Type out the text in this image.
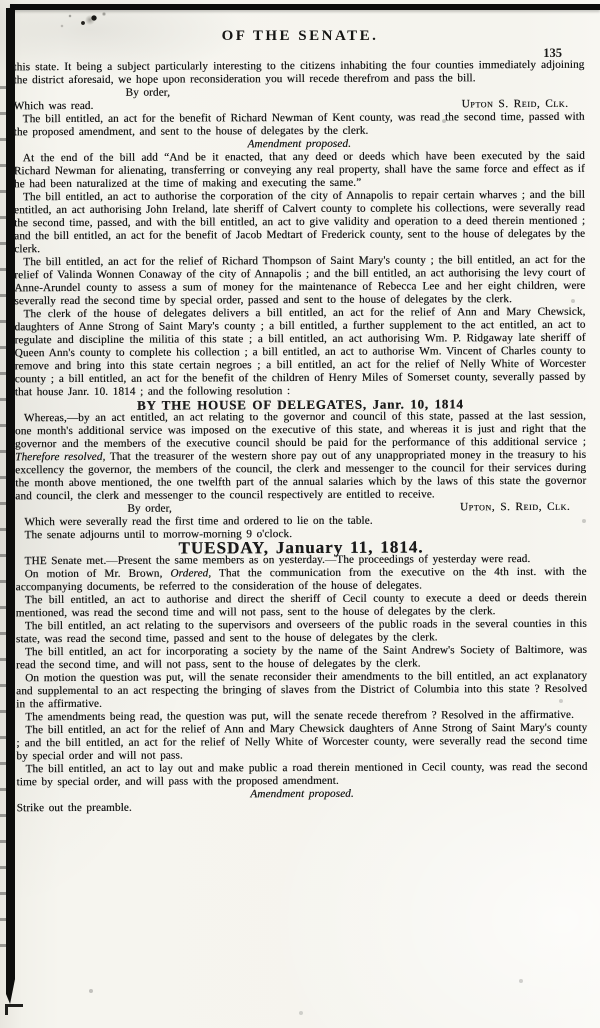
OF THE SENATE.
135

this state. It being a subject particularly interesting to the citizens inhabiting the four counties immediately adjoining the district aforesaid, we hope upon reconsideration you will recede therefrom and pass the bill.

By order,
Which was read.	Upton S. Reid, Clk.

The bill entitled, an act for the benefit of Richard Newman of Kent county, was read the second time, passed with the proposed amendment, and sent to the house of delegates by the clerk.

Amendment proposed.

At the end of the bill add “And be it enacted, that any deed or deeds which have been executed by the said Richard Newman for alienating, transferring or conveying any real property, shall have the same force and effect as if he had been naturalized at the time of making and executing the same.”

The bill entitled, an act to authorise the corporation of the city of Annapolis to repair certain wharves ; and the bill entitled, an act authorising John Ireland, late sheriff of Calvert county to complete his collections, were severally read the second time, passed, and with the bill entitled, an act to give validity and operation to a deed therein mentioned ; and the bill entitled, an act for the benefit of Jacob Medtart of Frederick county, sent to the house of delegates by the clerk.

The bill entitled, an act for the relief of Richard Thompson of Saint Mary's county ; the bill entitled, an act for the relief of Valinda Wonnen Conaway of the city of Annapolis ; and the bill entitled, an act authorising the levy court of Anne-Arundel county to assess a sum of money for the maintenance of Rebecca Lee and her eight children, were severally read the second time by special order, passed and sent to the house of delegates by the clerk.

The clerk of the house of delegates delivers a bill entitled, an act for the relief of Ann and Mary Chewsick, daughters of Anne Strong of Saint Mary's county ; a bill entitled, a further supplement to the act entitled, an act to regulate and discipline the militia of this state ; a bill entitled, an act authorising Wm. P. Ridgaway late sheriff of Queen Ann's county to complete his collection ; a bill entitled, an act to authorise Wm. Vincent of Charles county to remove and bring into this state certain negroes ; a bill entitled, an act for the relief of Nelly White of Worcester county ; a bill entitled, an act for the benefit of the children of Henry Miles of Somerset county, severally passed by that house Janr. 10. 1814 ; and the following resolution :

BY THE HOUSE OF DELEGATES, Janr. 10, 1814

Whereas,—by an act entitled, an act relating to the governor and council of this state, passed at the last session, one month's additional service was imposed on the executive of this state, and whereas it is just and right that the governor and the members of the executive council should be paid for the performance of this additional service ; Therefore resolved, That the treasurer of the western shore pay out of any unappropriated money in the treasury to his excellency the governor, the members of the council, the clerk and messenger to the council for their services during the month above mentioned, the one twelfth part of the annual salaries which by the laws of this state the governor and council, the clerk and messenger to the council respectively are entitled to receive.

By order,	Upton, S. Reid, Clk.

Which were severally read the first time and ordered to lie on the table.

The senate adjourns until to morrow-morning 9 o'clock.

TUESDAY, January 11, 1814.

THE Senate met.—Present the same members as on yesterday.—The proceedings of yesterday were read.

On motion of Mr. Brown, Ordered, That the communication from the executive on the 4th inst. with the accompanying documents, be referred to the consideration of the house of delegates.

The bill entitled, an act to authorise and direct the sheriff of Cecil county to execute a deed or deeds therein mentioned, was read the second time and will not pass, sent to the house of delegates by the clerk.

The bill entitled, an act relating to the supervisors and overseers of the public roads in the several counties in this state, was read the second time, passed and sent to the house of delegates by the clerk.

The bill entitled, an act for incorporating a society by the name of the Saint Andrew's Society of Baltimore, was read the second time, and will not pass, sent to the house of delegates by the clerk.

On motion the question was put, will the senate reconsider their amendments to the bill entitled, an act explanatory and supplemental to an act respecting the bringing of slaves from the District of Columbia into this state ? Resolved in the affirmative.

The amendments being read, the question was put, will the senate recede therefrom ? Resolved in the affirmative.

The bill entitled, an act for the relief of Ann and Mary Chewsick daughters of Anne Strong of Saint Mary's county ; and the bill entitled, an act for the relief of Nelly White of Worcester county, were severally read the second time by special order and will not pass.

The bill entitled, an act to lay out and make public a road therein mentioned in Cecil county, was read the second time by special order, and will pass with the proposed amendment.

Amendment proposed.

Strike out the preamble.
